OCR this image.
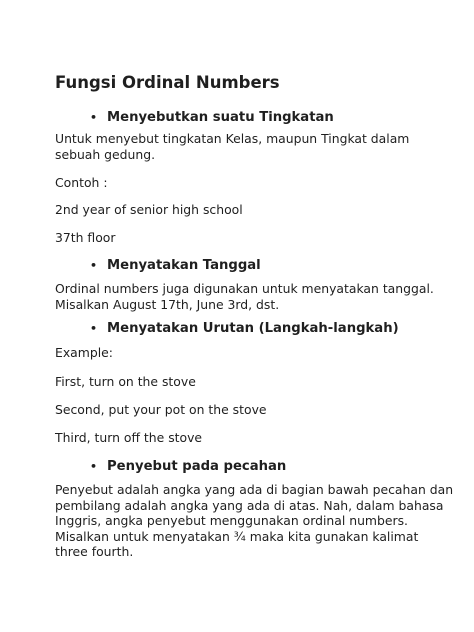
Fungsi Ordinal Numbers
• Menyebutkan suatu Tingkatan

Untuk menyebut tingkatan Kelas, maupun Tingkat dalam
sebuah gedung.

Contoh :

2nd year of senior high school

37th floor

• Menyatakan Tanggal

Ordinal numbers juga digunakan untuk menyatakan tanggal.
Misalkan August 17th, June 3rd, dst.

• Menyatakan Urutan (Langkah-langkah)

Example:

First, turn on the stove

Second, put your pot on the stove

Third, turn off the stove

• Penyebut pada pecahan

Penyebut adalah angka yang ada di bagian bawah pecahan dan
pembilang adalah angka yang ada di atas. Nah, dalam bahasa
Inggris, angka penyebut menggunakan ordinal numbers.
Misalkan untuk menyatakan ¾ maka kita gunakan kalimat
three fourth.
